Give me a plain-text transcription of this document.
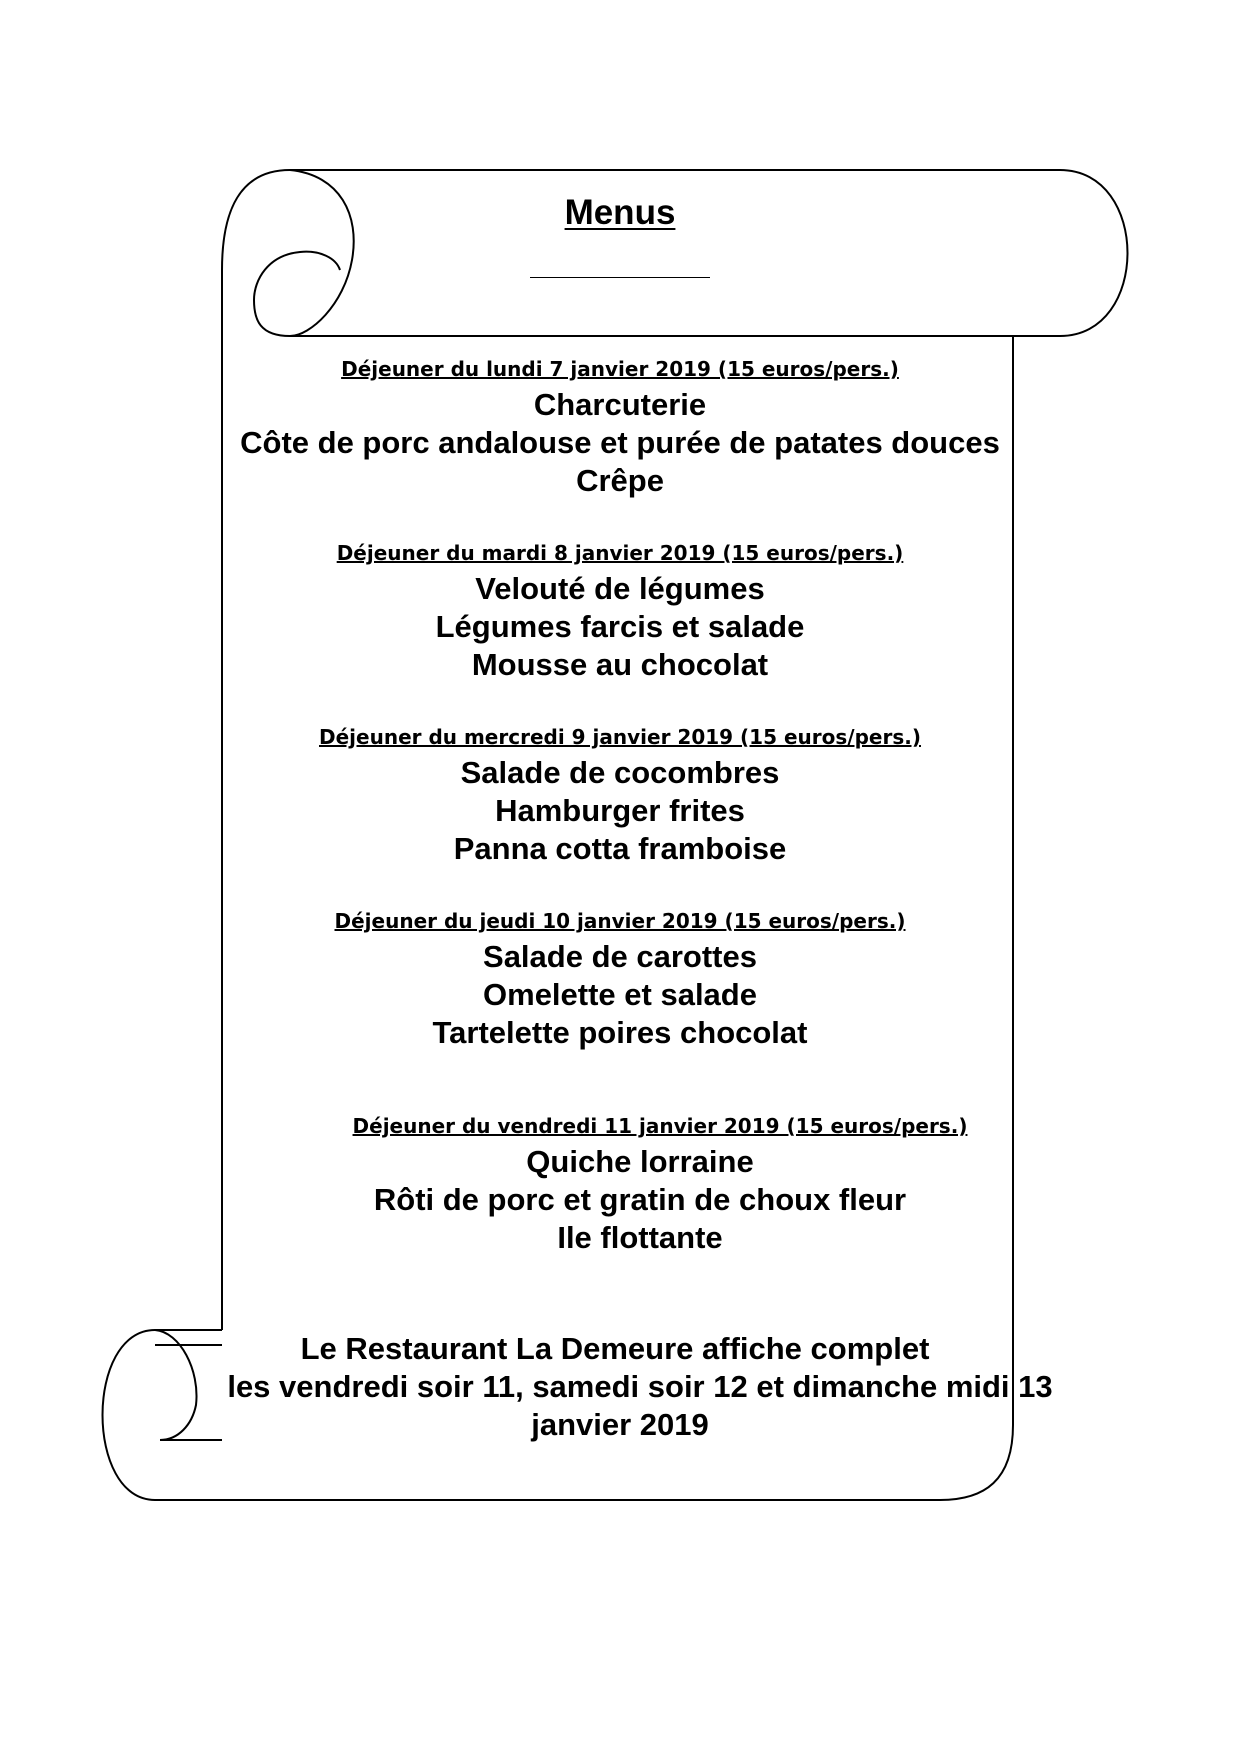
Menus
Déjeuner du lundi 7 janvier 2019 (15 euros/pers.)
Charcuterie
Côte de porc andalouse et purée de patates douces
Crêpe
Déjeuner du mardi 8 janvier 2019 (15 euros/pers.)
Velouté de légumes
Légumes farcis et salade
Mousse au chocolat
Déjeuner du mercredi 9 janvier 2019 (15 euros/pers.)
Salade de cocombres
Hamburger frites
Panna cotta framboise
Déjeuner du jeudi 10 janvier 2019 (15 euros/pers.)
Salade de carottes
Omelette et salade
Tartelette poires chocolat
Déjeuner du vendredi 11 janvier 2019 (15 euros/pers.)
Quiche lorraine
Rôti de porc et gratin de choux fleur
Ile flottante
Le Restaurant La Demeure affiche complet
les vendredi soir 11, samedi soir 12 et dimanche midi 13
janvier 2019
